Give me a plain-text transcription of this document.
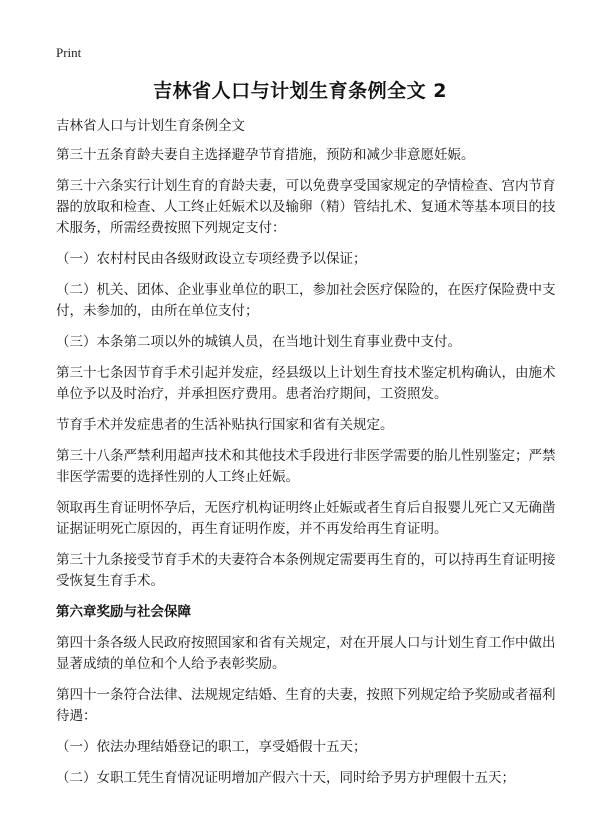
Print
吉林省人口与计划生育条例全文 2

吉林省人口与计划生育条例全文

第三十五条育龄夫妻自主选择避孕节育措施，预防和减少非意愿妊娠。

第三十六条实行计划生育的育龄夫妻，可以免费享受国家规定的孕情检查、宫内节育器的放取和检查、人工终止妊娠术以及输卵（精）管结扎术、复通术等基本项目的技术服务，所需经费按照下列规定支付：

（一）农村村民由各级财政设立专项经费予以保证；

（二）机关、团体、企业事业单位的职工，参加社会医疗保险的，在医疗保险费中支付，未参加的，由所在单位支付；

（三）本条第二项以外的城镇人员，在当地计划生育事业费中支付。

第三十七条因节育手术引起并发症，经县级以上计划生育技术鉴定机构确认，由施术单位予以及时治疗，并承担医疗费用。患者治疗期间，工资照发。

节育手术并发症患者的生活补贴执行国家和省有关规定。

第三十八条严禁利用超声技术和其他技术手段进行非医学需要的胎儿性别鉴定；严禁非医学需要的选择性别的人工终止妊娠。

领取再生育证明怀孕后，无医疗机构证明终止妊娠或者生育后自报婴儿死亡又无确凿证据证明死亡原因的，再生育证明作废，并不再发给再生育证明。

第三十九条接受节育手术的夫妻符合本条例规定需要再生育的，可以持再生育证明接受恢复生育手术。

第六章奖励与社会保障

第四十条各级人民政府按照国家和省有关规定，对在开展人口与计划生育工作中做出显著成绩的单位和个人给予表彰奖励。

第四十一条符合法律、法规规定结婚、生育的夫妻，按照下列规定给予奖励或者福利待遇：

（一）依法办理结婚登记的职工，享受婚假十五天；

（二）女职工凭生育情况证明增加产假六十天，同时给予男方护理假十五天；
